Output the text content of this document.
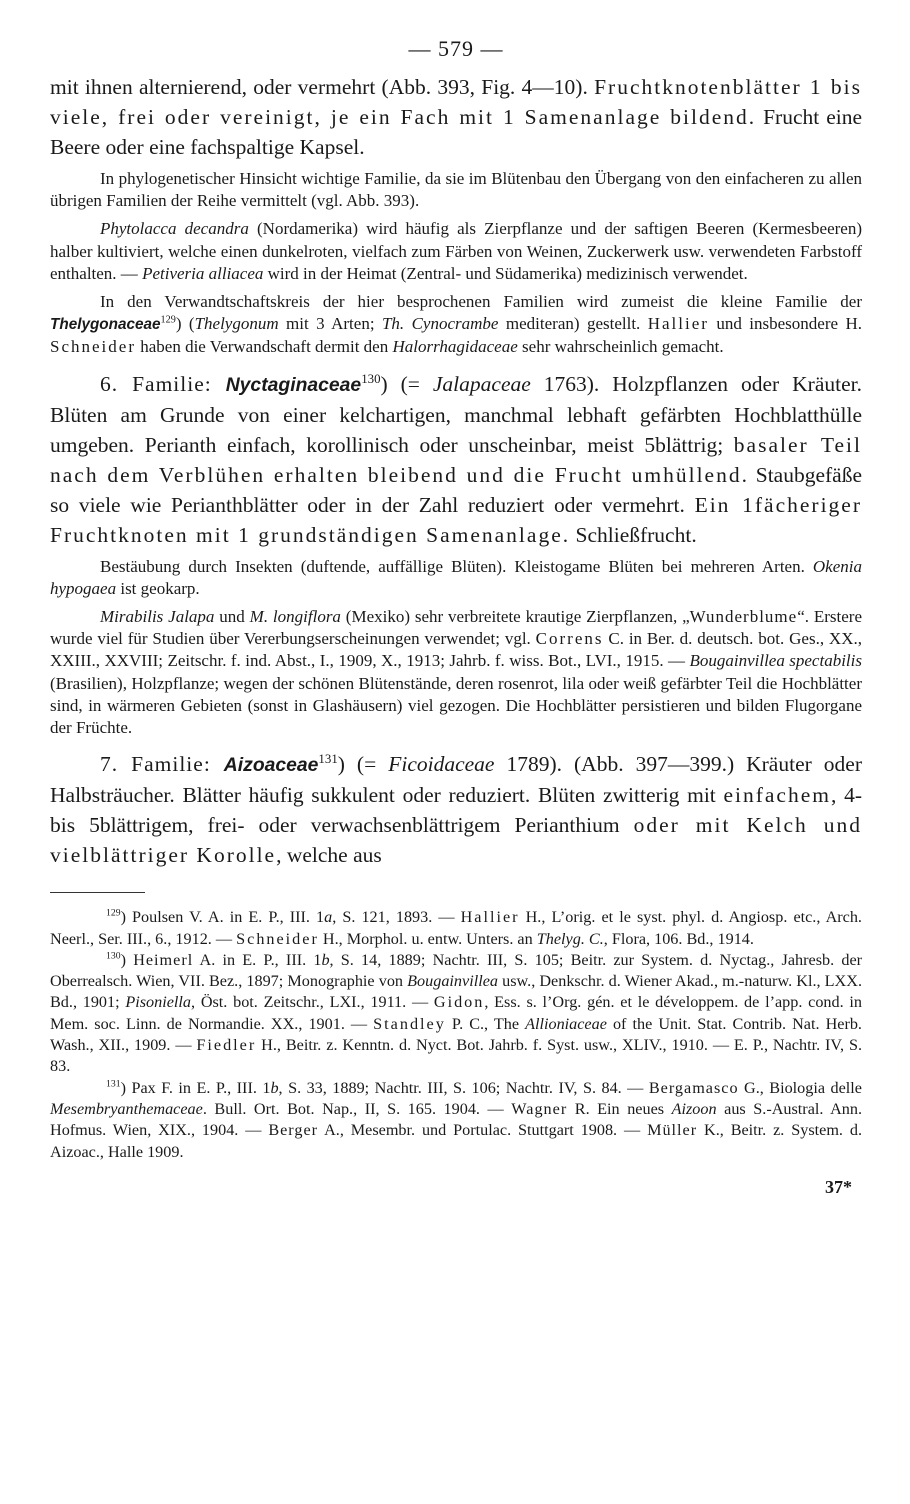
— 579 —

mit ihnen alternierend, oder vermehrt (Abb. 393, Fig. 4—10). Fruchtknotenblätter 1 bis viele, frei oder vereinigt, je ein Fach mit 1 Samenanlage bildend. Frucht eine Beere oder eine fachspaltige Kapsel.

In phylogenetischer Hinsicht wichtige Familie, da sie im Blütenbau den Übergang von den einfacheren zu allen übrigen Familien der Reihe vermittelt (vgl. Abb. 393).

Phytolacca decandra (Nordamerika) wird häufig als Zierpflanze und der saftigen Beeren (Kermesbeeren) halber kultiviert, welche einen dunkelroten, vielfach zum Färben von Weinen, Zuckerwerk usw. verwendeten Farbstoff enthalten. — Petiveria alliacea wird in der Heimat (Zentral- und Südamerika) medizinisch verwendet.

In den Verwandtschaftskreis der hier besprochenen Familien wird zumeist die kleine Familie der Thelygonaceae$^{129}$) (Thelygonum mit 3 Arten; Th. Cynocrambe mediteran) gestellt. Hallier und insbesondere H. Schneider haben die Verwandschaft dermit den Halorrhagidaceae sehr wahrscheinlich gemacht.

6. Familie: Nyctaginaceae$^{130}$) (= Jalapaceae 1763). Holzpflanzen oder Kräuter. Blüten am Grunde von einer kelchartigen, manchmal lebhaft gefärbten Hochblatthülle umgeben. Perianth einfach, korollinisch oder unscheinbar, meist 5blättrig; basaler Teil nach dem Verblühen erhalten bleibend und die Frucht umhüllend. Staubgefäße so viele wie Perianthblätter oder in der Zahl reduziert oder vermehrt. Ein 1fächeriger Fruchtknoten mit 1 grundständigen Samenanlage. Schließfrucht.

Bestäubung durch Insekten (duftende, auffällige Blüten). Kleistogame Blüten bei mehreren Arten. Okenia hypogaea ist geokarp.

Mirabilis Jalapa und M. longiflora (Mexiko) sehr verbreitete krautige Zierpflanzen, „Wunderblume“. Erstere wurde viel für Studien über Vererbungserscheinungen verwendet; vgl. Correns C. in Ber. d. deutsch. bot. Ges., XX., XXIII., XXVIII; Zeitschr. f. ind. Abst., I., 1909, X., 1913; Jahrb. f. wiss. Bot., LVI., 1915. — Bougainvillea spectabilis (Brasilien), Holzpflanze; wegen der schönen Blütenstände, deren rosenrot, lila oder weiß gefärbter Teil die Hochblätter sind, in wärmeren Gebieten (sonst in Glashäusern) viel gezogen. Die Hochblätter persistieren und bilden Flugorgane der Früchte.

7. Familie: Aizoaceae$^{131}$) (= Ficoidaceae 1789). (Abb. 397—399.) Kräuter oder Halbsträucher. Blätter häufig sukkulent oder reduziert. Blüten zwitterig mit einfachem, 4- bis 5blättrigem, frei- oder verwachsenblättrigem Perianthium oder mit Kelch und vielblättriger Korolle, welche aus

$^{129}$) Poulsen V. A. in E. P., III. 1a, S. 121, 1893. — Hallier H., L’orig. et le syst. phyl. d. Angiosp. etc., Arch. Neerl., Ser. III., 6., 1912. — Schneider H., Morphol. u. entw. Unters. an Thelyg. C., Flora, 106. Bd., 1914.

$^{130}$) Heimerl A. in E. P., III. 1b, S. 14, 1889; Nachtr. III, S. 105; Beitr. zur System. d. Nyctag., Jahresb. der Oberrealsch. Wien, VII. Bez., 1897; Monographie von Bougainvillea usw., Denkschr. d. Wiener Akad., m.-naturw. Kl., LXX. Bd., 1901; Pisoniella, Öst. bot. Zeitschr., LXI., 1911. — Gidon, Ess. s. l’Org. gén. et le développem. de l’app. cond. in Mem. soc. Linn. de Normandie. XX., 1901. — Standley P. C., The Allioniaceae of the Unit. Stat. Contrib. Nat. Herb. Wash., XII., 1909. — Fiedler H., Beitr. z. Kenntn. d. Nyct. Bot. Jahrb. f. Syst. usw., XLIV., 1910. — E. P., Nachtr. IV, S. 83.

$^{131}$) Pax F. in E. P., III. 1b, S. 33, 1889; Nachtr. III, S. 106; Nachtr. IV, S. 84. — Bergamasco G., Biologia delle Mesembryanthemaceae. Bull. Ort. Bot. Nap., II, S. 165. 1904. — Wagner R. Ein neues Aizoon aus S.-Austral. Ann. Hofmus. Wien, XIX., 1904. — Berger A., Mesembr. und Portulac. Stuttgart 1908. — Müller K., Beitr. z. System. d. Aizoac., Halle 1909.

37*
